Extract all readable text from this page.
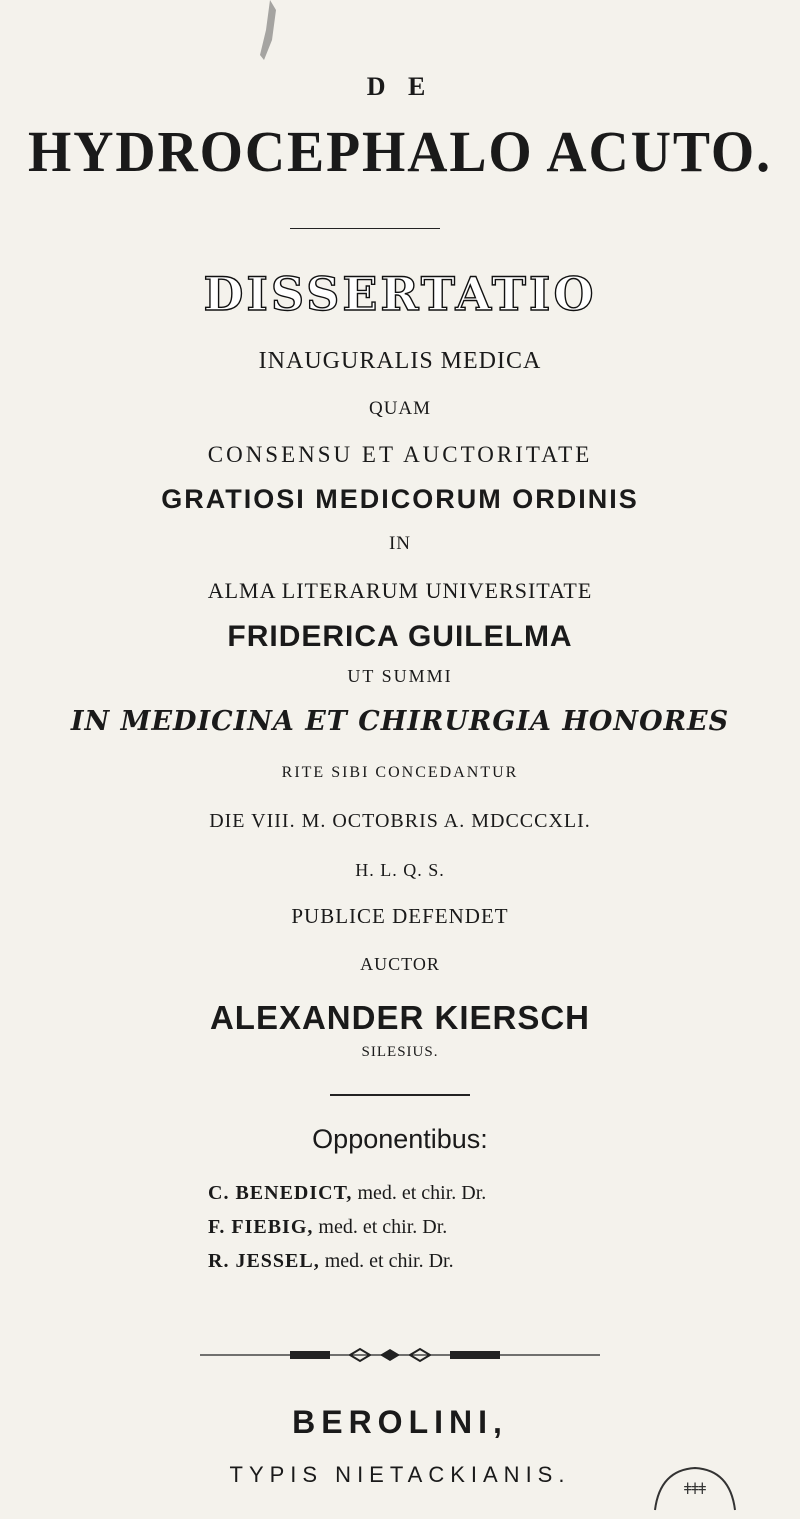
D E
HYDROCEPHALO ACUTO.
DISSERTATIO
INAUGURALIS MEDICA
QUAM
CONSENSU ET AUCTORITATE
GRATIOSI MEDICORUM ORDINIS
IN
ALMA LITERARUM UNIVERSITATE
FRIDERICA GUILELMA
UT SUMMI
IN MEDICINA ET CHIRURGIA HONORES
RITE SIBI CONCEDANTUR
DIE VIII. M. OCTOBRIS A. MDCCCXLI.
H. L. Q. S.
PUBLICE DEFENDET
AUCTOR
ALEXANDER KIERSCH
SILESIUS.
Opponentibus:
C. BENEDICT, med. et chir. Dr.
F. FIEBIG, med. et chir. Dr.
R. JESSEL, med. et chir. Dr.
BEROLINI,
TYPIS NIETACKIANIS.
ǂǂǂ
